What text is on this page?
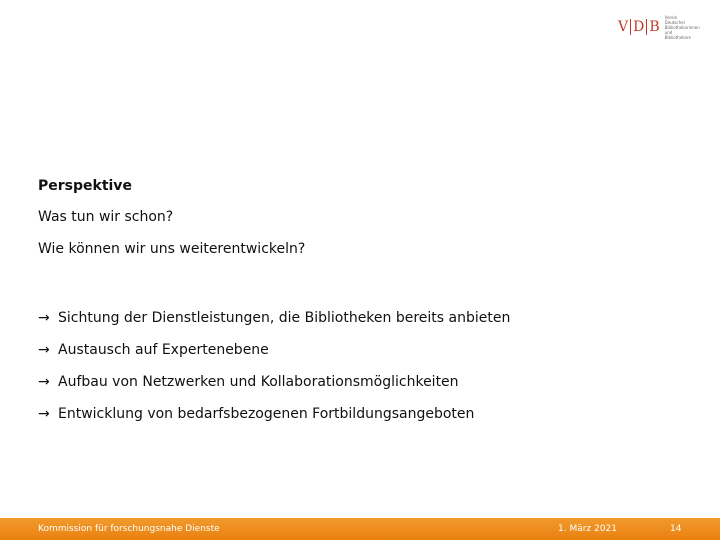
V D B
Verein Deutscher
Bibliothekarinnen
und Bibliothekare
Perspektive
Was tun wir schon?
Wie können wir uns weiterentwickeln?
→ Sichtung der Dienstleistungen, die Bibliotheken bereits anbieten
→ Austausch auf Expertenebene
→ Aufbau von Netzwerken und Kollaborationsmöglichkeiten
→ Entwicklung von bedarfsbezogenen Fortbildungsangeboten
Kommission für forschungsnahe Dienste	1. März 2021	14
